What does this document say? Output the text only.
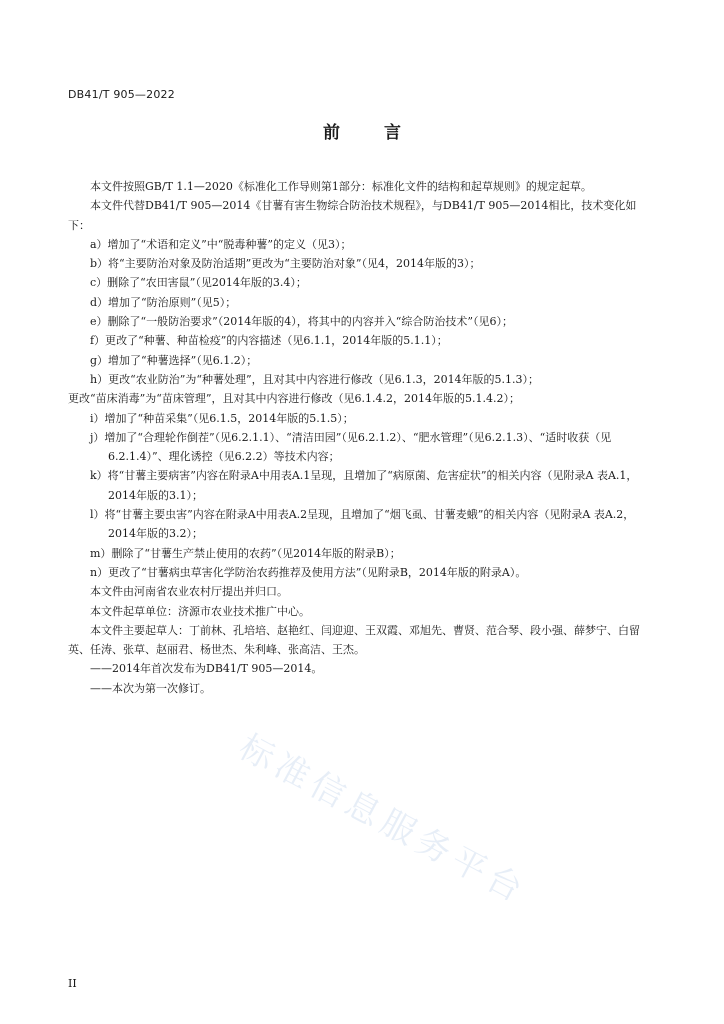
DB41/T 905—2022
前	言

本文件按照GB/T 1.1—2020《标准化工作导则第1部分：标准化文件的结构和起草规则》的规定起草。

本文件代替DB41/T 905—2014《甘薯有害生物综合防治技术规程》，与DB41/T 905—2014相比，技术变化如下：

a）增加了“术语和定义”中“脱毒种薯”的定义（见3）；

b）将“主要防治对象及防治适期”更改为“主要防治对象”（见4，2014年版的3）；

c）删除了“农田害鼠”（见2014年版的3.4）；

d）增加了“防治原则”（见5）；

e）删除了“一般防治要求”（2014年版的4），将其中的内容并入“综合防治技术”（见6）；

f）更改了“种薯、种苗检疫”的内容描述（见6.1.1，2014年版的5.1.1）；

g）增加了“种薯选择”（见6.1.2）；

h）更改“农业防治”为“种薯处理”，且对其中内容进行修改（见6.1.3，2014年版的5.1.3）；

更改“苗床消毒”为“苗床管理”，且对其中内容进行修改（见6.1.4.2，2014年版的5.1.4.2）；

i）增加了“种苗采集”（见6.1.5，2014年版的5.1.5）；

j）增加了“合理轮作倒茬”（见6.2.1.1）、“清洁田园”（见6.2.1.2）、“肥水管理”（见6.2.1.3）、“适时收获（见6.2.1.4）”、理化诱控（见6.2.2）等技术内容；

k）将“甘薯主要病害”内容在附录A中用表A.1呈现，且增加了“病原菌、危害症状”的相关内容（见附录A 表A.1，2014年版的3.1）；

l）将“甘薯主要虫害”内容在附录A中用表A.2呈现，且增加了“烟飞虱、甘薯麦蛾”的相关内容（见附录A 表A.2，2014年版的3.2）；

m）删除了“甘薯生产禁止使用的农药”（见2014年版的附录B）；

n）更改了“甘薯病虫草害化学防治农药推荐及使用方法”（见附录B，2014年版的附录A）。

本文件由河南省农业农村厅提出并归口。

本文件起草单位：济源市农业技术推广中心。

本文件主要起草人：丁前林、孔培培、赵艳红、闫迎迎、王双霞、邓旭先、曹贤、范合琴、段小强、薛梦宁、白留英、任涛、张草、赵丽君、杨世杰、朱利峰、张高洁、王杰。

——2014年首次发布为DB41/T 905—2014。

——本次为第一次修订。

标准信息服务平台
II
